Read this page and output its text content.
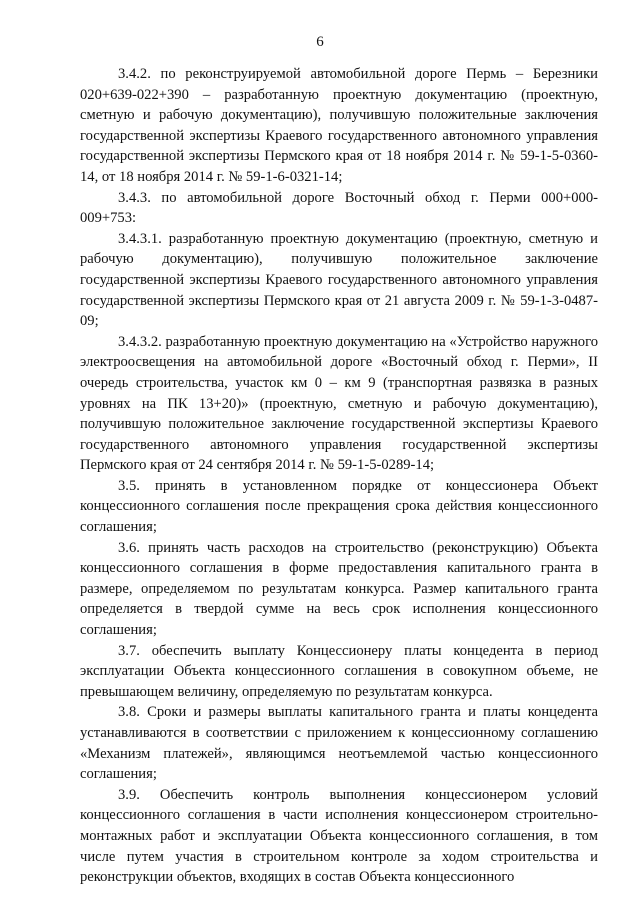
6

3.4.2. по реконструируемой автомобильной дороге Пермь – Березники 020+639-022+390 – разработанную проектную документацию (проектную, сметную и рабочую документацию), получившую положительные заключения государственной экспертизы Краевого государственного автономного управления государственной экспертизы Пермского края от 18 ноября 2014 г. № 59-1-5-0360-14, от 18 ноября 2014 г. № 59-1-6-0321-14;

3.4.3. по автомобильной дороге Восточный обход г. Перми 000+000-009+753:

3.4.3.1. разработанную проектную документацию (проектную, сметную и рабочую документацию), получившую положительное заключение государственной экспертизы Краевого государственного автономного управления государственной экспертизы Пермского края от 21 августа 2009 г. № 59-1-3-0487-09;

3.4.3.2. разработанную проектную документацию на «Устройство наружного электроосвещения на автомобильной дороге «Восточный обход г. Перми», II очередь строительства, участок км 0 – км 9 (транспортная развязка в разных уровнях на ПК 13+20)» (проектную, сметную и рабочую документацию), получившую положительное заключение государственной экспертизы Краевого государственного автономного управления государственной экспертизы Пермского края от 24 сентября 2014 г. № 59-1-5-0289-14;

3.5. принять в установленном порядке от концессионера Объект концессионного соглашения после прекращения срока действия концессионного соглашения;

3.6. принять часть расходов на строительство (реконструкцию) Объекта концессионного соглашения в форме предоставления капитального гранта в размере, определяемом по результатам конкурса. Размер капитального гранта определяется в твердой сумме на весь срок исполнения концессионного соглашения;

3.7. обеспечить выплату Концессионеру платы концедента в период эксплуатации Объекта концессионного соглашения в совокупном объеме, не превышающем величину, определяемую по результатам конкурса.

3.8. Сроки и размеры выплаты капитального гранта и платы концедента устанавливаются в соответствии с приложением к концессионному соглашению «Механизм платежей», являющимся неотъемлемой частью концессионного соглашения;

3.9. Обеспечить контроль выполнения концессионером условий концессионного соглашения в части исполнения концессионером строительно-монтажных работ и эксплуатации Объекта концессионного соглашения, в том числе путем участия в строительном контроле за ходом строительства и реконструкции объектов, входящих в состав Объекта концессионного
